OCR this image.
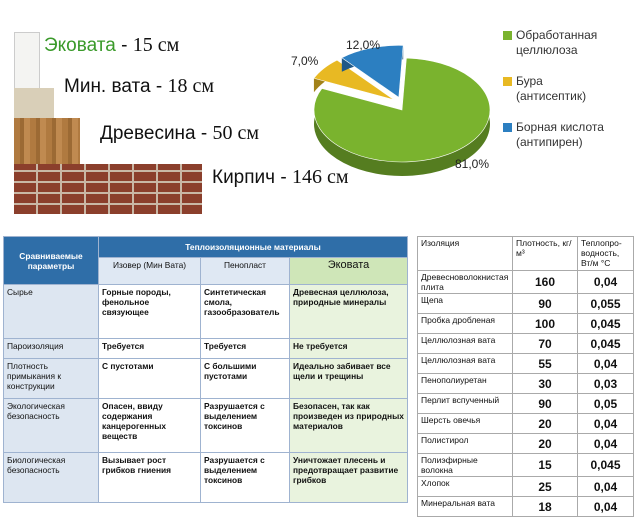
Эковата - 15 см
Мин. вата - 18 см
Древесина - 50 см
Кирпич - 146 см
12,0%
7,0%
81,0%
Обработанная
целлюлоза
Бура
(антисептик)
Борная кислота
(антипирен)
Сравниваемые параметры	Теплоизоляционные материалы		
	Изовер (Мин Вата)	Пенопласт	Эковата
Сырье	Горные породы, фенольное связующее	Синтетическая смола, газообразователь	Древесная целлюлоза, природные минералы
Пароизоляция	Требуется	Требуется	Не требуется
Плотность примыкания к конструкции	С пустотами	С большими пустотами	Идеально забивает все щели и трещины
Экологическая безопасность	Опасен, ввиду содержания канцерогенных веществ	Разрушается с выделением токсинов	Безопасен, так как произведен из природных материалов
Биологическая безопасность	Вызывает рост грибков гниения	Разрушается с выделением токсинов	Уничтожает плесень и предотвращает развитие грибков
Изоляция	Плотность, кг/м³	Теплопро-водность, Вт/м °С
Древесноволокнистая плита	160	0,04
Щепа	90	0,055
Пробка дробленая	100	0,045
Целлюлозная вата	70	0,045
Целлюлозная вата	55	0,04
Пенополиуретан	30	0,03
Перлит вспученный	90	0,05
Шерсть овечья	20	0,04
Полистирол	20	0,04
Полиэфирные волокна	15	0,045
Хлопок	25	0,04
Минеральная вата	18	0,04
